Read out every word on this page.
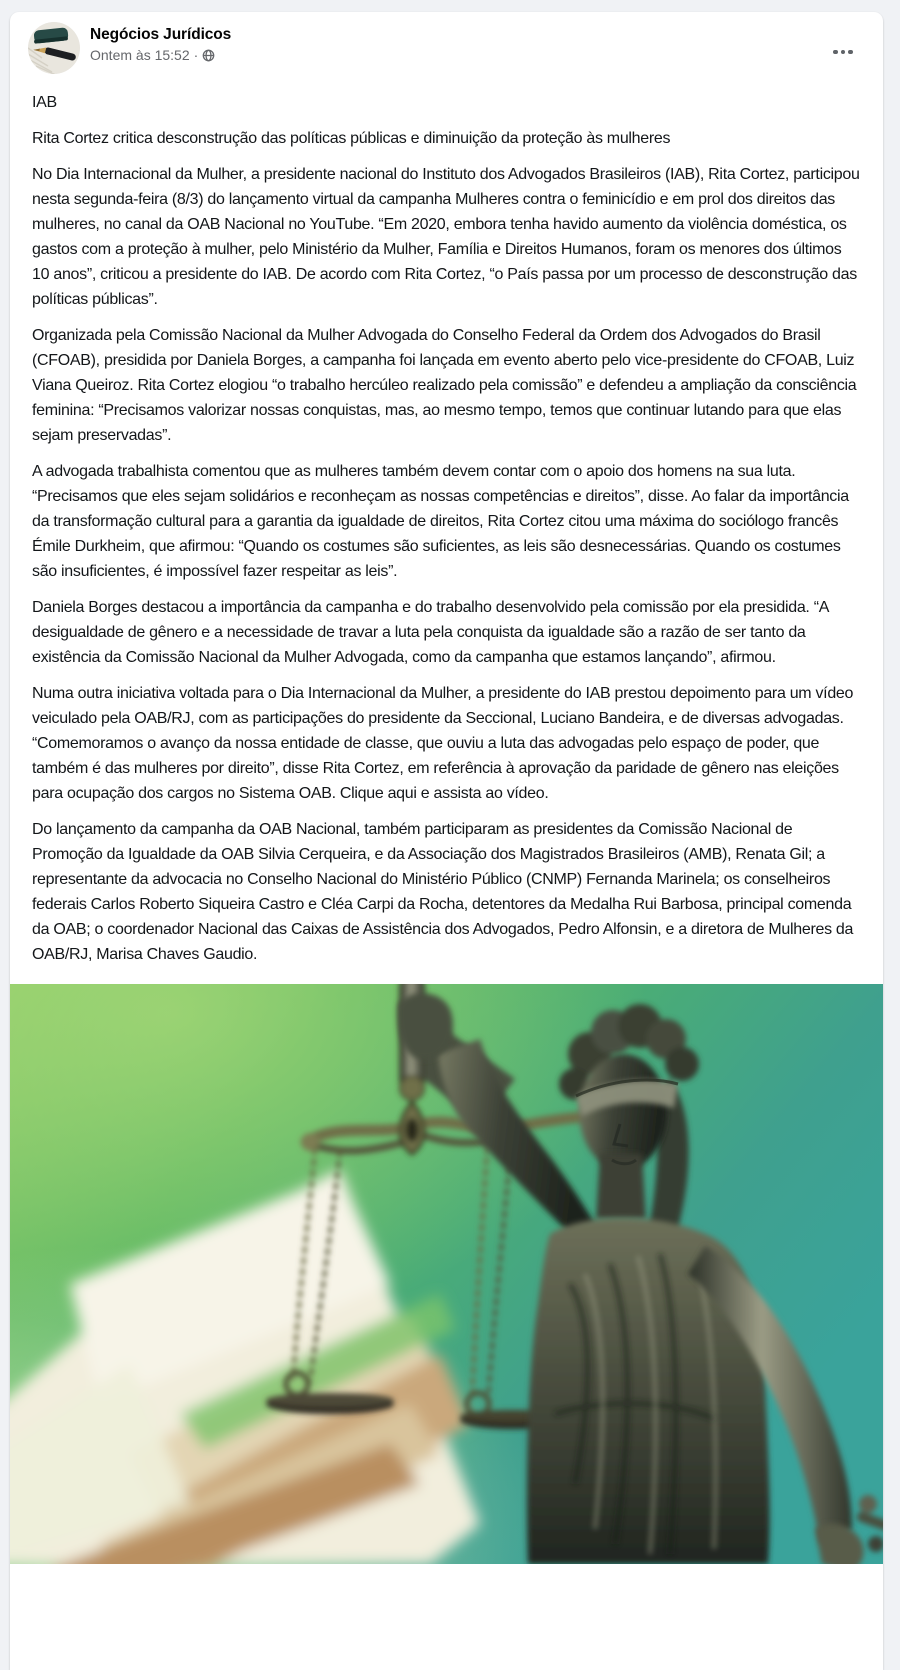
Negócios Jurídicos
Ontem às 15:52 ·

IAB

Rita Cortez critica desconstrução das políticas públicas e diminuição da proteção às mulheres

No Dia Internacional da Mulher, a presidente nacional do Instituto dos Advogados Brasileiros (IAB), Rita Cortez, participou nesta segunda-feira (8/3) do lançamento virtual da campanha Mulheres contra o feminicídio e em prol dos direitos das mulheres, no canal da OAB Nacional no YouTube. “Em 2020, embora tenha havido aumento da violência doméstica, os gastos com a proteção à mulher, pelo Ministério da Mulher, Família e Direitos Humanos, foram os menores dos últimos 10 anos”, criticou a presidente do IAB. De acordo com Rita Cortez, “o País passa por um processo de desconstrução das políticas públicas”.

Organizada pela Comissão Nacional da Mulher Advogada do Conselho Federal da Ordem dos Advogados do Brasil (CFOAB), presidida por Daniela Borges, a campanha foi lançada em evento aberto pelo vice-presidente do CFOAB, Luiz Viana Queiroz. Rita Cortez elogiou “o trabalho hercúleo realizado pela comissão” e defendeu a ampliação da consciência feminina: “Precisamos valorizar nossas conquistas, mas, ao mesmo tempo, temos que continuar lutando para que elas sejam preservadas”.

A advogada trabalhista comentou que as mulheres também devem contar com o apoio dos homens na sua luta. “Precisamos que eles sejam solidários e reconheçam as nossas competências e direitos”, disse. Ao falar da importância da transformação cultural para a garantia da igualdade de direitos, Rita Cortez citou uma máxima do sociólogo francês Émile Durkheim, que afirmou: “Quando os costumes são suficientes, as leis são desnecessárias. Quando os costumes são insuficientes, é impossível fazer respeitar as leis”.

Daniela Borges destacou a importância da campanha e do trabalho desenvolvido pela comissão por ela presidida. “A desigualdade de gênero e a necessidade de travar a luta pela conquista da igualdade são a razão de ser tanto da existência da Comissão Nacional da Mulher Advogada, como da campanha que estamos lançando”, afirmou.

Numa outra iniciativa voltada para o Dia Internacional da Mulher, a presidente do IAB prestou depoimento para um vídeo veiculado pela OAB/RJ, com as participações do presidente da Seccional, Luciano Bandeira, e de diversas advogadas. “Comemoramos o avanço da nossa entidade de classe, que ouviu a luta das advogadas pelo espaço de poder, que também é das mulheres por direito”, disse Rita Cortez, em referência à aprovação da paridade de gênero nas eleições para ocupação dos cargos no Sistema OAB. Clique aqui e assista ao vídeo.

Do lançamento da campanha da OAB Nacional, também participaram as presidentes da Comissão Nacional de Promoção da Igualdade da OAB Silvia Cerqueira, e da Associação dos Magistrados Brasileiros (AMB), Renata Gil; a representante da advocacia no Conselho Nacional do Ministério Público (CNMP) Fernanda Marinela; os conselheiros federais Carlos Roberto Siqueira Castro e Cléa Carpi da Rocha, detentores da Medalha Rui Barbosa, principal comenda da OAB; o coordenador Nacional das Caixas de Assistência dos Advogados, Pedro Alfonsin, e a diretora de Mulheres da OAB/RJ, Marisa Chaves Gaudio.
